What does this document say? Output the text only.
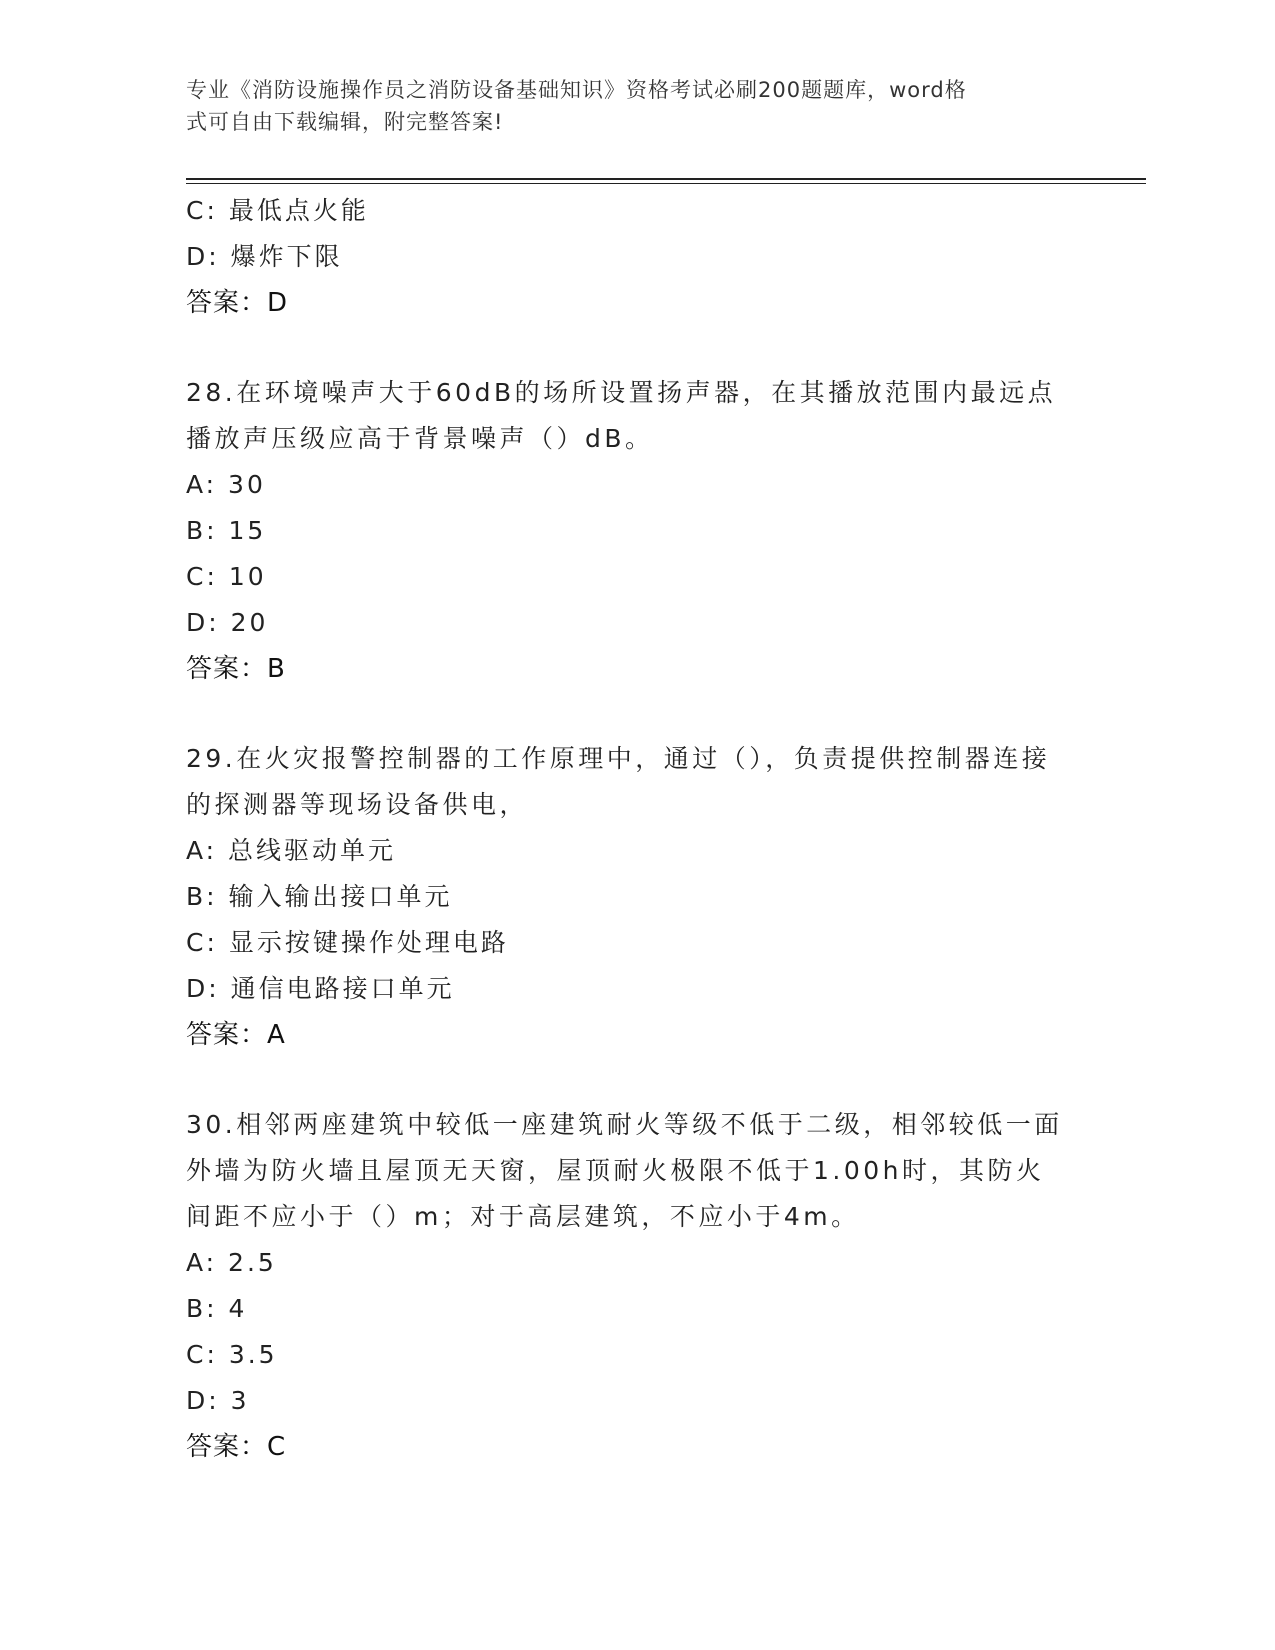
专业《消防设施操作员之消防设备基础知识》资格考试必刷200题题库，word格
式可自由下载编辑，附完整答案!
C: 最低点火能
D: 爆炸下限
答案：D
28.在环境噪声大于60dB的场所设置扬声器，在其播放范围内最远点
播放声压级应高于背景噪声（）dB。
A: 30
B: 15
C: 10
D: 20
答案：B
29.在火灾报警控制器的工作原理中，通过（），负责提供控制器连接
的探测器等现场设备供电，
A: 总线驱动单元
B: 输入输出接口单元
C: 显示按键操作处理电路
D: 通信电路接口单元
答案：A
30.相邻两座建筑中较低一座建筑耐火等级不低于二级，相邻较低一面
外墙为防火墙且屋顶无天窗，屋顶耐火极限不低于1.00h时，其防火
间距不应小于（）m；对于高层建筑，不应小于4m。
A: 2.5
B: 4
C: 3.5
D: 3
答案：C
